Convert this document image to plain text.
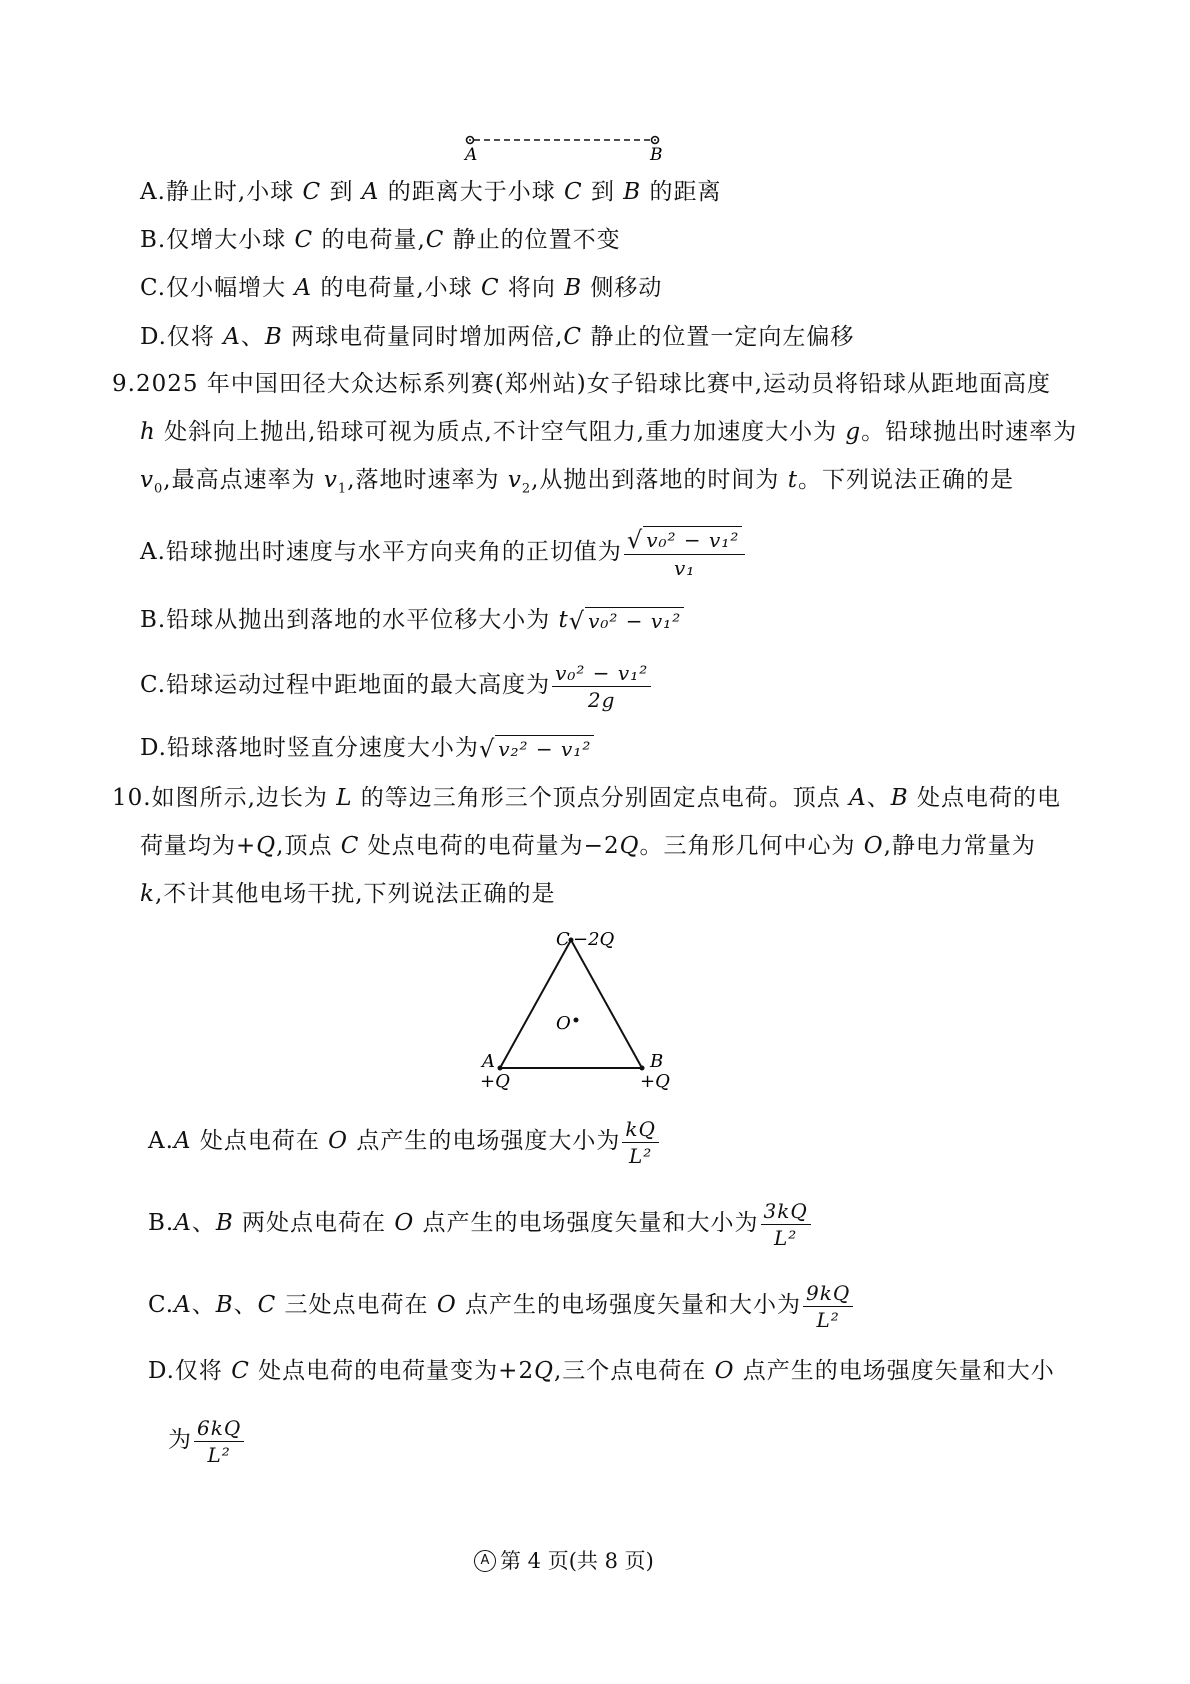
A	B
A.静止时,小球 C 到 A 的距离大于小球 C 到 B 的距离
B.仅增大小球 C 的电荷量,C 静止的位置不变
C.仅小幅增大 A 的电荷量,小球 C 将向 B 侧移动
D.仅将 A、B 两球电荷量同时增加两倍,C 静止的位置一定向左偏移
9.2025 年中国田径大众达标系列赛(郑州站)女子铅球比赛中,运动员将铅球从距地面高度
h 处斜向上抛出,铅球可视为质点,不计空气阻力,重力加速度大小为 g。铅球抛出时速率为
$v_0$,最高点速率为 $v_1$,落地时速率为 $v_2$,从抛出到落地的时间为 t。下列说法正确的是
A.铅球抛出时速度与水平方向夹角的正切值为 $\frac{\text{√ v₀² − v₁²}}{\text{v₁}}$
B.铅球从抛出到落地的水平位移大小为 t √ v₀² − v₁²
C.铅球运动过程中距地面的最大高度为 $\frac{\text{v₀² − v₁²}}{2g}$
D.铅球落地时竖直分速度大小为 √ v₂² − v₁²
10.如图所示,边长为 L 的等边三角形三个顶点分别固定点电荷。顶点 A、B 处点电荷的电
荷量均为+Q,顶点 C 处点电荷的电荷量为−2Q。三角形几何中心为 O,静电力常量为
k,不计其他电场干扰,下列说法正确的是
C −2Q
O
A
+Q
B
+Q
A.A 处点电荷在 O 点产生的电场强度大小为 $\frac{kQ}{\text{L²}}$
B.A、B 两处点电荷在 O 点产生的电场强度矢量和大小为 $\frac{3kQ}{\text{L²}}$
C.A、B、C 三处点电荷在 O 点产生的电场强度矢量和大小为 $\frac{9kQ}{\text{L²}}$
D.仅将 C 处点电荷的电荷量变为+2Q,三个点电荷在 O 点产生的电场强度矢量和大小
为 $\frac{6kQ}{\text{L²}}$
A 第 4 页(共 8 页)
